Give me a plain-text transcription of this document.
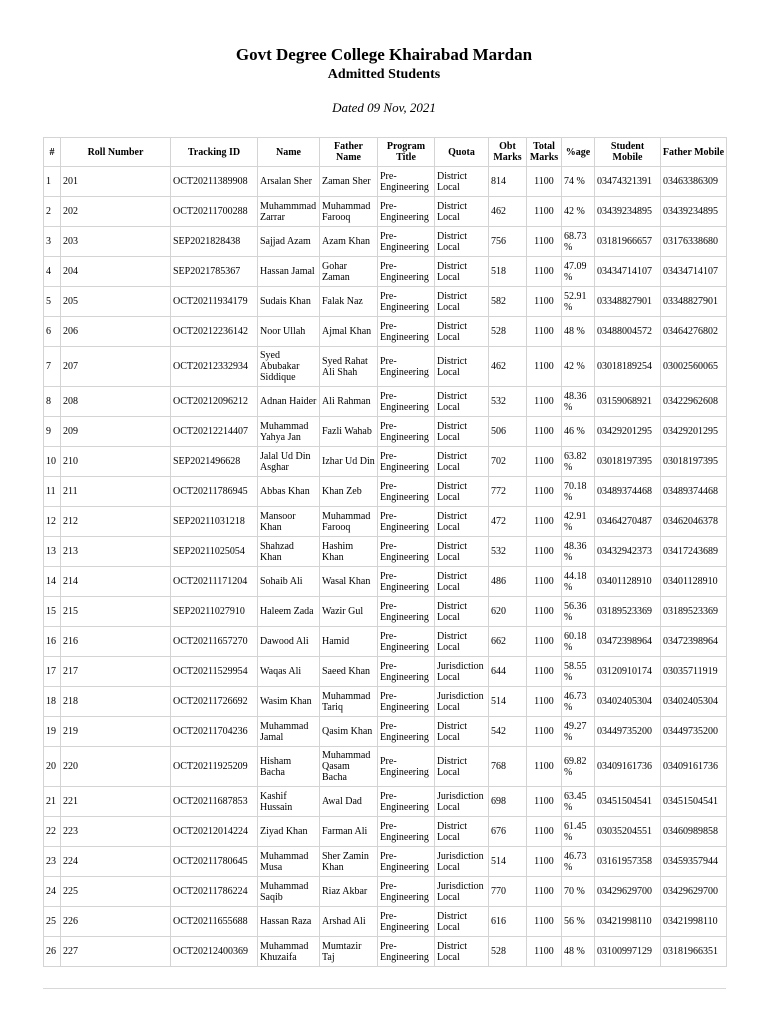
Govt Degree College Khairabad Mardan
Admitted Students
Dated 09 Nov, 2021
#	Roll Number	Tracking ID	Name	Father Name	Program Title	Quota	Obt Marks	Total Marks	%age	Student Mobile	Father Mobile
1	201	OCT20211389908	Arsalan Sher	Zaman Sher	Pre-Engineering	District Local	814	1100	74 %	03474321391	03463386309
2	202	OCT20211700288	Muhammmad Zarrar	Muhammad Farooq	Pre-Engineering	District Local	462	1100	42 %	03439234895	03439234895
3	203	SEP2021828438	Sajjad Azam	Azam Khan	Pre-Engineering	District Local	756	1100	68.73 %	03181966657	03176338680
4	204	SEP2021785367	Hassan Jamal	Gohar Zaman	Pre-Engineering	District Local	518	1100	47.09 %	03434714107	03434714107
5	205	OCT20211934179	Sudais Khan	Falak Naz	Pre-Engineering	District Local	582	1100	52.91 %	03348827901	03348827901
6	206	OCT20212236142	Noor Ullah	Ajmal Khan	Pre-Engineering	District Local	528	1100	48 %	03488004572	03464276802
7	207	OCT20212332934	Syed Abubakar Siddique	Syed Rahat Ali Shah	Pre-Engineering	District Local	462	1100	42 %	03018189254	03002560065
8	208	OCT20212096212	Adnan Haider	Ali Rahman	Pre-Engineering	District Local	532	1100	48.36 %	03159068921	03422962608
9	209	OCT20212214407	Muhammad Yahya Jan	Fazli Wahab	Pre-Engineering	District Local	506	1100	46 %	03429201295	03429201295
10	210	SEP2021496628	Jalal Ud Din Asghar	Izhar Ud Din	Pre-Engineering	District Local	702	1100	63.82 %	03018197395	03018197395
11	211	OCT20211786945	Abbas Khan	Khan Zeb	Pre-Engineering	District Local	772	1100	70.18 %	03489374468	03489374468
12	212	SEP20211031218	Mansoor Khan	Muhammad Farooq	Pre-Engineering	District Local	472	1100	42.91 %	03464270487	03462046378
13	213	SEP20211025054	Shahzad Khan	Hashim Khan	Pre-Engineering	District Local	532	1100	48.36 %	03432942373	03417243689
14	214	OCT20211171204	Sohaib Ali	Wasal Khan	Pre-Engineering	District Local	486	1100	44.18 %	03401128910	03401128910
15	215	SEP20211027910	Haleem Zada	Wazir Gul	Pre-Engineering	District Local	620	1100	56.36 %	03189523369	03189523369
16	216	OCT20211657270	Dawood Ali	Hamid	Pre-Engineering	District Local	662	1100	60.18 %	03472398964	03472398964
17	217	OCT20211529954	Waqas Ali	Saeed Khan	Pre-Engineering	Jurisdiction Local	644	1100	58.55 %	03120910174	03035711919
18	218	OCT20211726692	Wasim Khan	Muhammad Tariq	Pre-Engineering	Jurisdiction Local	514	1100	46.73 %	03402405304	03402405304
19	219	OCT20211704236	Muhammad Jamal	Qasim Khan	Pre-Engineering	District Local	542	1100	49.27 %	03449735200	03449735200
20	220	OCT20211925209	Hisham Bacha	Muhammad Qasam Bacha	Pre-Engineering	District Local	768	1100	69.82 %	03409161736	03409161736
21	221	OCT20211687853	Kashif Hussain	Awal Dad	Pre-Engineering	Jurisdiction Local	698	1100	63.45 %	03451504541	03451504541
22	223	OCT20212014224	Ziyad Khan	Farman Ali	Pre-Engineering	District Local	676	1100	61.45 %	03035204551	03460989858
23	224	OCT20211780645	Muhammad Musa	Sher Zamin Khan	Pre-Engineering	Jurisdiction Local	514	1100	46.73 %	03161957358	03459357944
24	225	OCT20211786224	Muhammad Saqib	Riaz Akbar	Pre-Engineering	Jurisdiction Local	770	1100	70 %	03429629700	03429629700
25	226	OCT20211655688	Hassan Raza	Arshad Ali	Pre-Engineering	District Local	616	1100	56 %	03421998110	03421998110
26	227	OCT20212400369	Muhammad Khuzaifa	Mumtazir Taj	Pre-Engineering	District Local	528	1100	48 %	03100997129	03181966351
